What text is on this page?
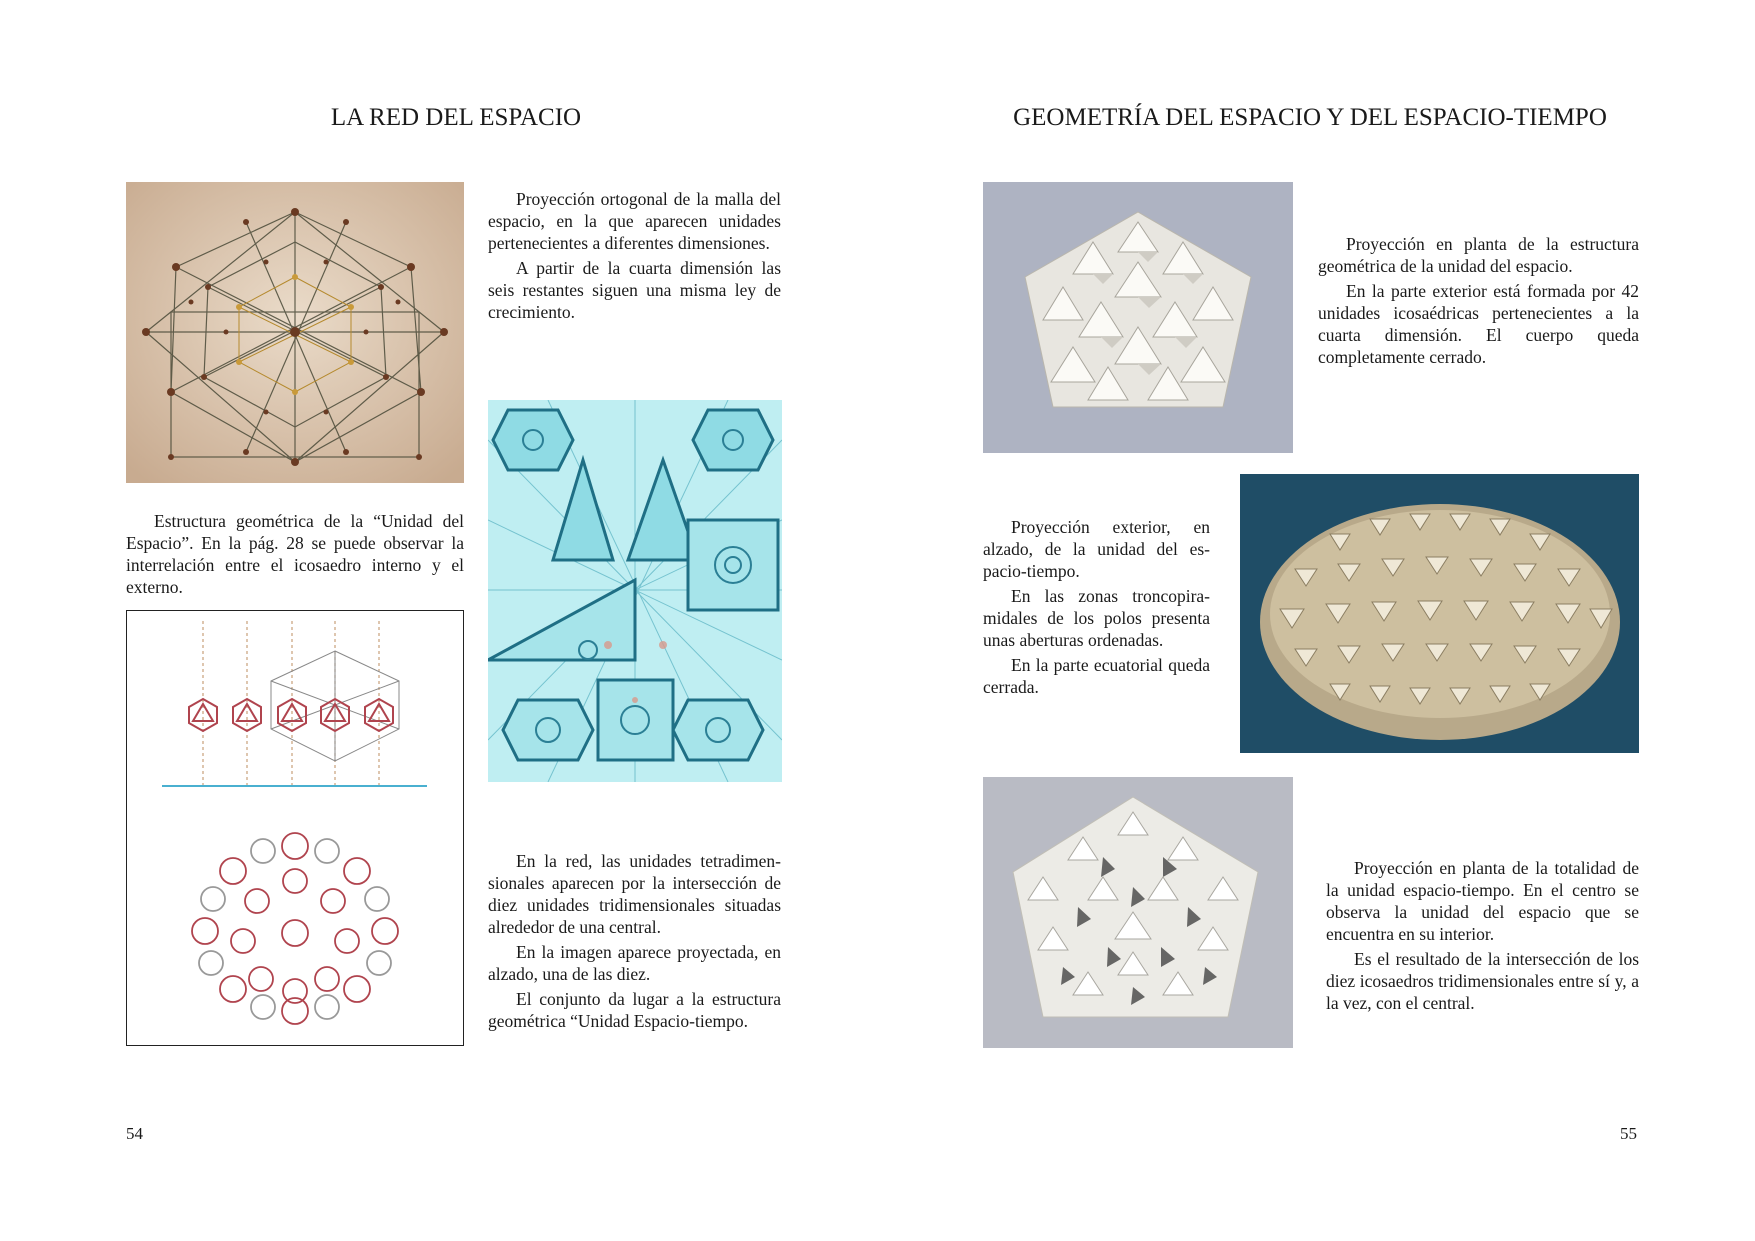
LA RED DEL ESPACIO

Proyección ortogonal de la malla del espacio, en la que aparecen unidades pertenecientes a diferentes dimensiones.

A partir de la cuarta dimensión las seis restantes siguen una misma ley de crecimiento.

Estructura geométrica de la “Unidad del Espacio”. En la pág. 28 se puede observar la interrelación entre el icosaedro interno y el externo.

En la red, las unidades tetradimensionales aparecen por la intersección de diez unidades tridimensionales situadas alrededor de una central.

En la imagen aparece proyectada, en alzado, una de las diez.

El conjunto da lugar a la estructura geométrica “Unidad Espacio-tiempo.

54
GEOMETRÍA DEL ESPACIO Y DEL ESPACIO-TIEMPO

Proyección en planta de la estructura geométrica de la unidad del espacio.

En la parte exterior está formada por 42 unidades icosaédricas pertenecientes a la cuarta dimensión. El cuerpo queda completamente cerrado.

Proyección exterior, en alzado, de la unidad del espacio-tiempo.

En las zonas troncopiramidales de los polos presenta unas aberturas ordenadas.

En la parte ecuatorial queda cerrada.

Proyección en planta de la totalidad de la unidad espacio-tiempo. En el centro se observa la unidad del espacio que se encuentra en su interior.

Es el resultado de la intersección de los diez icosaedros tridimensionales entre sí y, a la vez, con el central.

55
